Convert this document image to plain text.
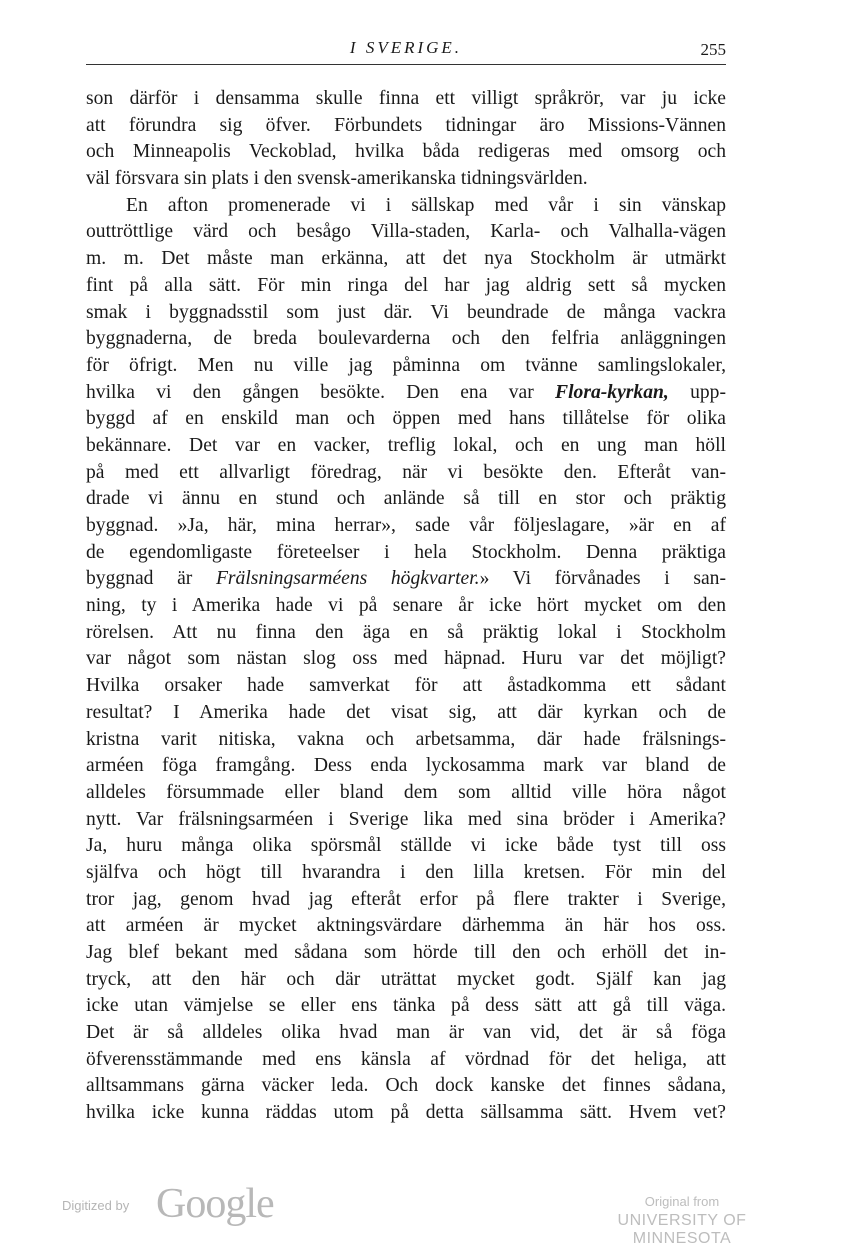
I SVERIGE.	255
son därför i densamma skulle finna ett villigt språkrör, var ju icke
att förundra sig öfver. Förbundets tidningar äro Missions-Vännen
och Minneapolis Veckoblad, hvilka båda redigeras med omsorg och
väl försvara sin plats i den svensk-amerikanska tidningsvärlden.
En afton promenerade vi i sällskap med vår i sin vänskap
outtröttlige värd och besågo Villa-staden, Karla- och Valhalla-vägen
m. m. Det måste man erkänna, att det nya Stockholm är utmärkt
fint på alla sätt. För min ringa del har jag aldrig sett så mycken
smak i byggnadsstil som just där. Vi beundrade de många vackra
byggnaderna, de breda boulevarderna och den felfria anläggningen
för öfrigt. Men nu ville jag påminna om tvänne samlingslokaler,
hvilka vi den gången besökte. Den ena var Flora-kyrkan, upp-
byggd af en enskild man och öppen med hans tillåtelse för olika
bekännare. Det var en vacker, treflig lokal, och en ung man höll
på med ett allvarligt föredrag, när vi besökte den. Efteråt van-
drade vi ännu en stund och anlände så till en stor och präktig
byggnad. »Ja, här, mina herrar», sade vår följeslagare, »är en af
de egendomligaste företeelser i hela Stockholm. Denna präktiga
byggnad är Frälsningsarméens högkvarter.» Vi förvånades i san-
ning, ty i Amerika hade vi på senare år icke hört mycket om den
rörelsen. Att nu finna den äga en så präktig lokal i Stockholm
var något som nästan slog oss med häpnad. Huru var det möjligt?
Hvilka orsaker hade samverkat för att åstadkomma ett sådant
resultat? I Amerika hade det visat sig, att där kyrkan och de
kristna varit nitiska, vakna och arbetsamma, där hade frälsnings-
arméen föga framgång. Dess enda lyckosamma mark var bland de
alldeles försummade eller bland dem som alltid ville höra något
nytt. Var frälsningsarméen i Sverige lika med sina bröder i Amerika?
Ja, huru många olika spörsmål ställde vi icke både tyst till oss
själfva och högt till hvarandra i den lilla kretsen. För min del
tror jag, genom hvad jag efteråt erfor på flere trakter i Sverige,
att arméen är mycket aktningsvärdare därhemma än här hos oss.
Jag blef bekant med sådana som hörde till den och erhöll det in-
tryck, att den här och där uträttat mycket godt. Själf kan jag
icke utan vämjelse se eller ens tänka på dess sätt att gå till väga.
Det är så alldeles olika hvad man är van vid, det är så föga
öfverensstämmande med ens känsla af vördnad för det heliga, att
alltsammans gärna väcker leda. Och dock kanske det finnes sådana,
hvilka icke kunna räddas utom på detta sällsamma sätt. Hvem vet?
Digitized by Google	Original from
UNIVERSITY OF MINNESOTA
